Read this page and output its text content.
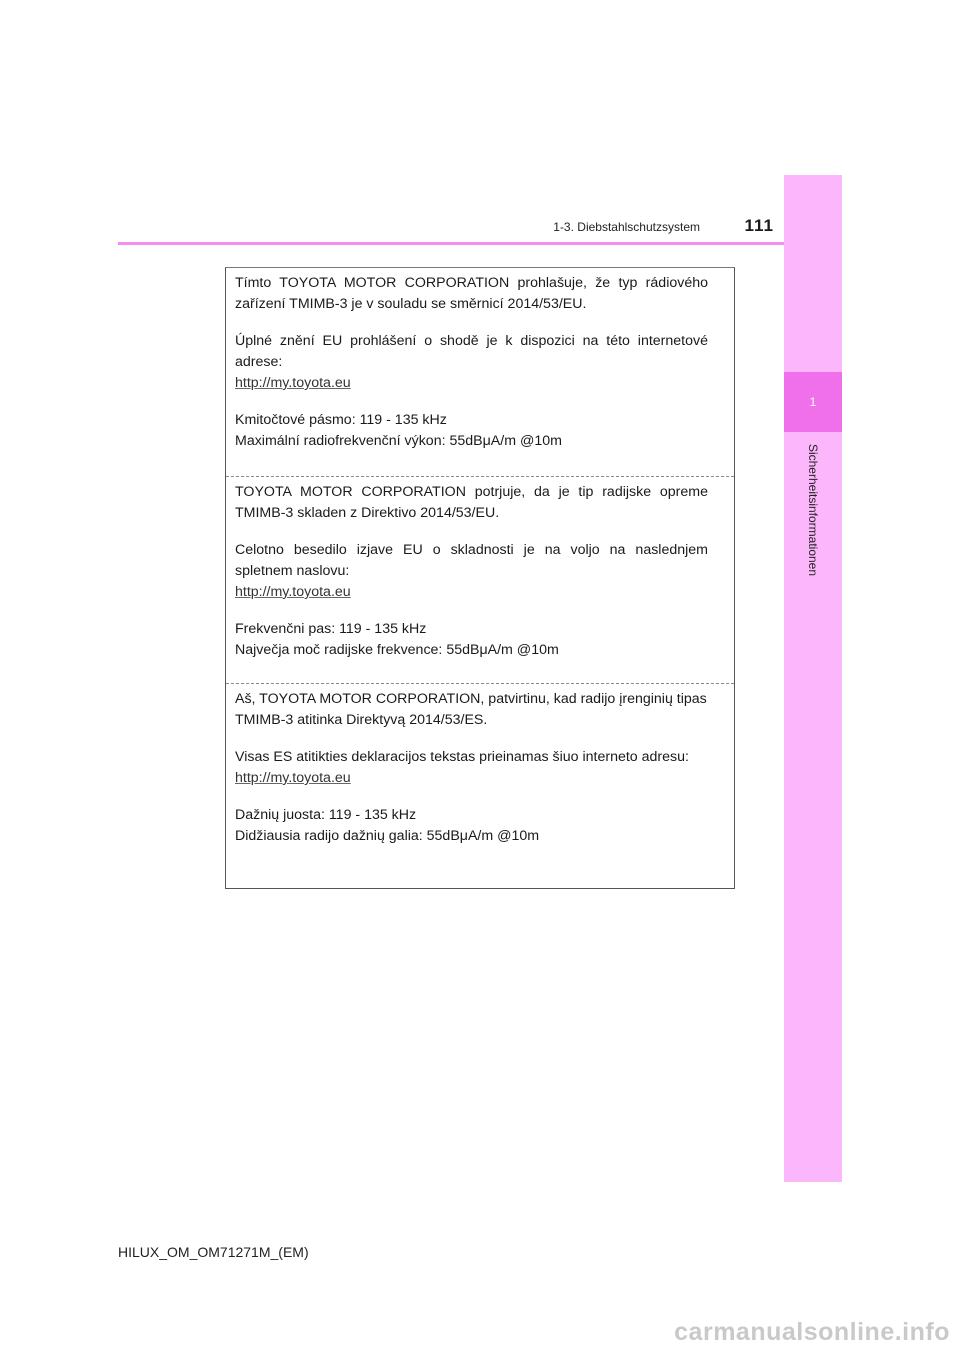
1
Sicherheitsinformationen
1-3. Diebstahlschutzsystem	111

Tímto TOYOTA MOTOR CORPORATION prohlašuje, že typ rádiového zařízení TMIMB-3 je v souladu se směrnicí 2014/53/EU.

Úplné znění EU prohlášení o shodě je k dispozici na této internetové adrese:
http://my.toyota.eu

Kmitočtové pásmo: 119 - 135 kHz
Maximální radiofrekvenční výkon: 55dBμA/m @10m

TOYOTA MOTOR CORPORATION potrjuje, da je tip radijske opreme TMIMB-3 skladen z Direktivo 2014/53/EU.

Celotno besedilo izjave EU o skladnosti je na voljo na naslednjem spletnem naslovu:
http://my.toyota.eu

Frekvenčni pas: 119 - 135 kHz
Največja moč radijske frekvence: 55dBμA/m @10m

Aš, TOYOTA MOTOR CORPORATION, patvirtinu, kad radijo įrenginių tipas TMIMB-3 atitinka Direktyvą 2014/53/ES.

Visas ES atitikties deklaracijos tekstas prieinamas šiuo interneto adresu:
http://my.toyota.eu

Dažnių juosta: 119 - 135 kHz
Didžiausia radijo dažnių galia: 55dBμA/m @10m

HILUX_OM_OM71271M_(EM)
carmanualsonline.info
